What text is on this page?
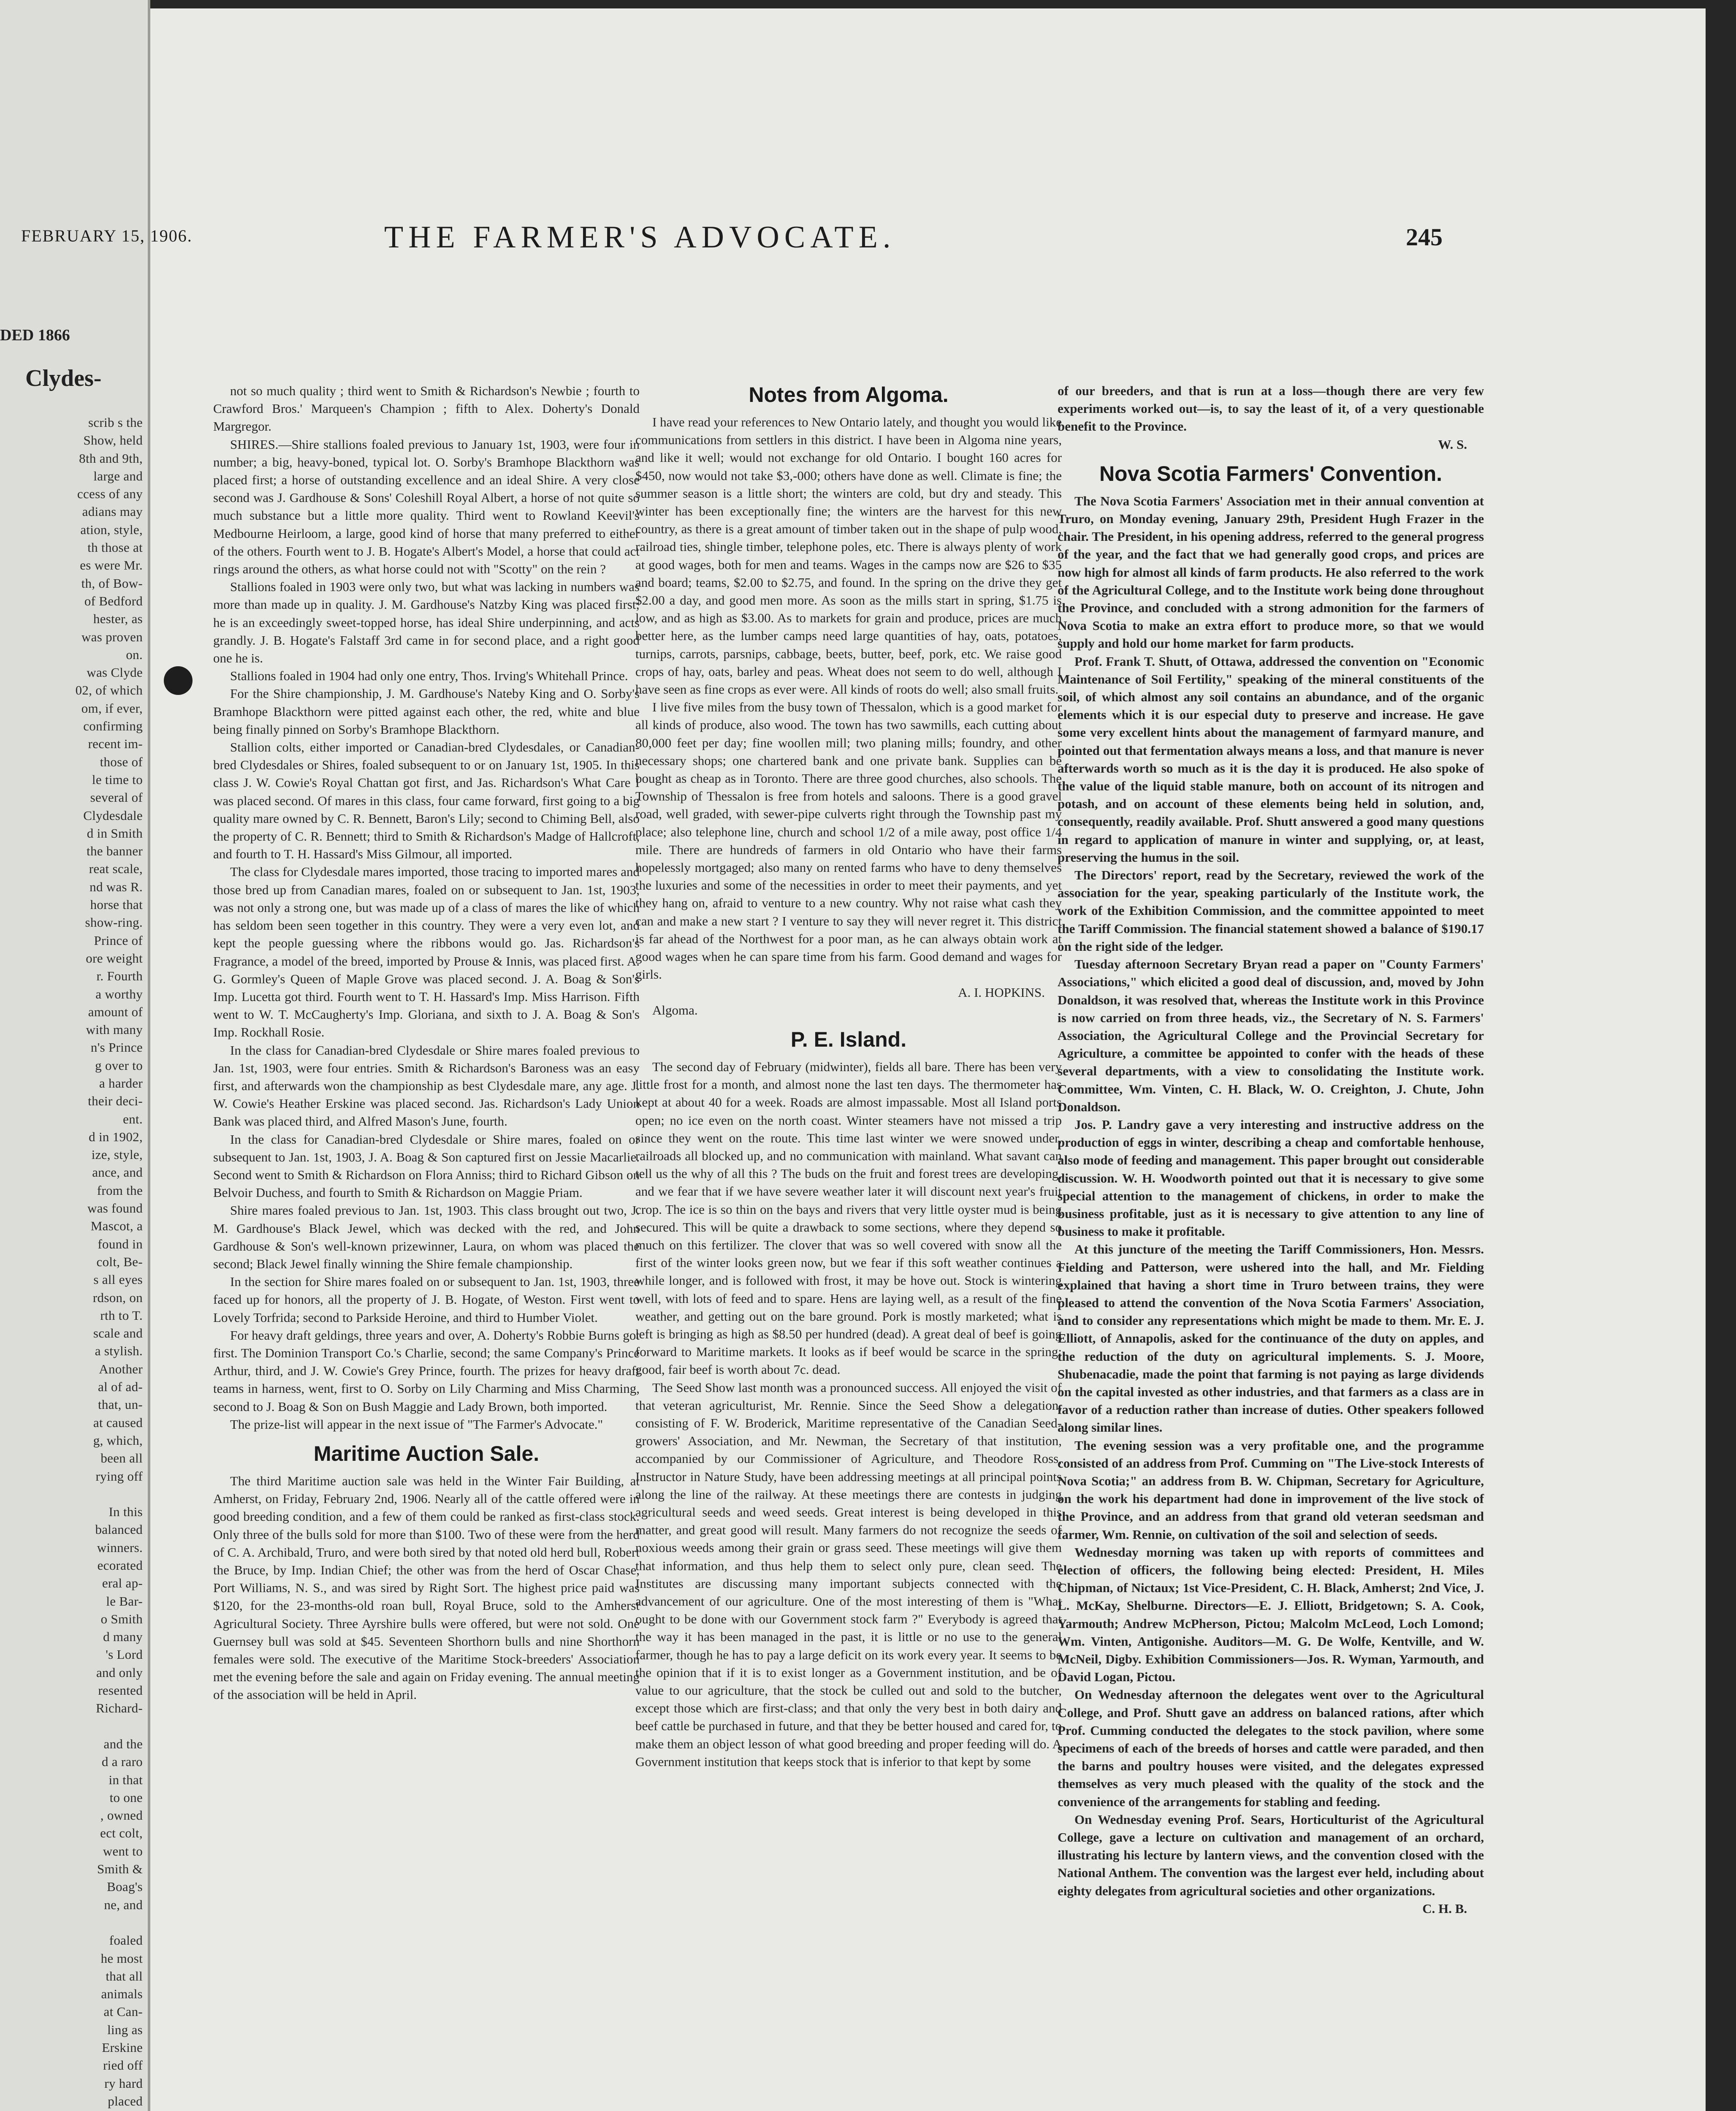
DED 1866
Clydes-
scrib s the
Show, held
8th and 9th,
large and
ccess of any
adians may
ation, style,
th those at
es were Mr.
th, of Bow-
of Bedford
hester, as
was proven
on.
was Clyde
02, of which
om, if ever,
confirming
recent im-
those of
le time to
several of
Clydesdale
d in Smith
the banner
reat scale,
nd was R.
horse that
show-ring.
Prince of
ore weight
r. Fourth
a worthy
amount of
with many
n's Prince
g over to
a harder
their deci-
ent.
d in 1902,
ize, style,
ance, and
from the
was found
Mascot, a
found in
colt, Be-
s all eyes
rdson, on
rth to T.
scale and
a stylish.
Another
al of ad-
that, un-
at caused
g, which,
been all
rying off

In this
balanced
winners.
ecorated
eral ap-
le Bar-
o Smith
d many
's Lord
and only
resented
Richard-

and the
d a raro
in that
to one
, owned
ect colt,
went to
Smith &
Boag's
ne, and

foaled
he most
that all
animals
at Can-
ling as
Erskine
ried off
ry hard
placed

FEBRUARY 15, 1906.	THE FARMER'S ADVOCATE.	245

not so much quality ; third went to Smith & Richardson's Newbie ; fourth to Crawford Bros.' Marqueen's Champion ; fifth to Alex. Doherty's Donald Margregor.

SHIRES.—Shire stallions foaled previous to January 1st, 1903, were four in number; a big, heavy-boned, typical lot. O. Sorby's Bramhope Blackthorn was placed first; a horse of outstanding excellence and an ideal Shire. A very close second was J. Gardhouse & Sons' Coleshill Royal Albert, a horse of not quite so much substance but a little more quality. Third went to Rowland Keevil's Medbourne Heirloom, a large, good kind of horse that many preferred to either of the others. Fourth went to J. B. Hogate's Albert's Model, a horse that could act rings around the others, as what horse could not with "Scotty" on the rein ?

Stallions foaled in 1903 were only two, but what was lacking in numbers was more than made up in quality. J. M. Gardhouse's Natzby King was placed first; he is an exceedingly sweet-topped horse, has ideal Shire underpinning, and acts grandly. J. B. Hogate's Falstaff 3rd came in for second place, and a right good one he is.

Stallions foaled in 1904 had only one entry, Thos. Irving's Whitehall Prince.

For the Shire championship, J. M. Gardhouse's Nateby King and O. Sorby's Bramhope Blackthorn were pitted against each other, the red, white and blue being finally pinned on Sorby's Bramhope Blackthorn.

Stallion colts, either imported or Canadian-bred Clydesdales, or Canadian-bred Clydesdales or Shires, foaled subsequent to or on January 1st, 1905. In this class J. W. Cowie's Royal Chattan got first, and Jas. Richardson's What Care I was placed second. Of mares in this class, four came forward, first going to a big quality mare owned by C. R. Bennett, Baron's Lily; second to Chiming Bell, also the property of C. R. Bennett; third to Smith & Richardson's Madge of Hallcroft, and fourth to T. H. Hassard's Miss Gilmour, all imported.

The class for Clydesdale mares imported, those tracing to imported mares and those bred up from Canadian mares, foaled on or subsequent to Jan. 1st, 1903, was not only a strong one, but was made up of a class of mares the like of which has seldom been seen together in this country. They were a very even lot, and kept the people guessing where the ribbons would go. Jas. Richardson's Fragrance, a model of the breed, imported by Prouse & Innis, was placed first. A. G. Gormley's Queen of Maple Grove was placed second. J. A. Boag & Son's Imp. Lucetta got third. Fourth went to T. H. Hassard's Imp. Miss Harrison. Fifth went to W. T. McCaugherty's Imp. Gloriana, and sixth to J. A. Boag & Son's Imp. Rockhall Rosie.

In the class for Canadian-bred Clydesdale or Shire mares foaled previous to Jan. 1st, 1903, were four entries. Smith & Richardson's Baroness was an easy first, and afterwards won the championship as best Clydesdale mare, any age. J. W. Cowie's Heather Erskine was placed second. Jas. Richardson's Lady Union Bank was placed third, and Alfred Mason's June, fourth.

In the class for Canadian-bred Clydesdale or Shire mares, foaled on or subsequent to Jan. 1st, 1903, J. A. Boag & Son captured first on Jessie Macarlie. Second went to Smith & Richardson on Flora Anniss; third to Richard Gibson on Belvoir Duchess, and fourth to Smith & Richardson on Maggie Priam.

Shire mares foaled previous to Jan. 1st, 1903. This class brought out two, J. M. Gardhouse's Black Jewel, which was decked with the red, and John Gardhouse & Son's well-known prizewinner, Laura, on whom was placed the second; Black Jewel finally winning the Shire female championship.

In the section for Shire mares foaled on or subsequent to Jan. 1st, 1903, three faced up for honors, all the property of J. B. Hogate, of Weston. First went to Lovely Torfrida; second to Parkside Heroine, and third to Humber Violet.

For heavy draft geldings, three years and over, A. Doherty's Robbie Burns got first. The Dominion Transport Co.'s Charlie, second; the same Company's Prince Arthur, third, and J. W. Cowie's Grey Prince, fourth. The prizes for heavy draft teams in harness, went, first to O. Sorby on Lily Charming and Miss Charming, second to J. Boag & Son on Bush Maggie and Lady Brown, both imported.

The prize-list will appear in the next issue of "The Farmer's Advocate."

Maritime Auction Sale.

The third Maritime auction sale was held in the Winter Fair Building, at Amherst, on Friday, February 2nd, 1906. Nearly all of the cattle offered were in good breeding condition, and a few of them could be ranked as first-class stock. Only three of the bulls sold for more than $100. Two of these were from the herd of C. A. Archibald, Truro, and were both sired by that noted old herd bull, Robert the Bruce, by Imp. Indian Chief; the other was from the herd of Oscar Chase, Port Williams, N. S., and was sired by Right Sort. The highest price paid was $120, for the 23-months-old roan bull, Royal Bruce, sold to the Amherst Agricultural Society. Three Ayrshire bulls were offered, but were not sold. One Guernsey bull was sold at $45. Seventeen Shorthorn bulls and nine Shorthorn females were sold. The executive of the Maritime Stock-breeders' Association met the evening before the sale and again on Friday evening. The annual meeting of the association will be held in April.

Notes from Algoma.

I have read your references to New Ontario lately, and thought you would like communications from settlers in this district. I have been in Algoma nine years, and like it well; would not exchange for old Ontario. I bought 160 acres for $450, now would not take $3,-000; others have done as well. Climate is fine; the summer season is a little short; the winters are cold, but dry and steady. This winter has been exceptionally fine; the winters are the harvest for this new country, as there is a great amount of timber taken out in the shape of pulp wood, railroad ties, shingle timber, telephone poles, etc. There is always plenty of work at good wages, both for men and teams. Wages in the camps now are $26 to $35 and board; teams, $2.00 to $2.75, and found. In the spring on the drive they get $2.00 a day, and good men more. As soon as the mills start in spring, $1.75 is low, and as high as $3.00. As to markets for grain and produce, prices are much better here, as the lumber camps need large quantities of hay, oats, potatoes, turnips, carrots, parsnips, cabbage, beets, butter, beef, pork, etc. We raise good crops of hay, oats, barley and peas. Wheat does not seem to do well, although I have seen as fine crops as ever were. All kinds of roots do well; also small fruits.

I live five miles from the busy town of Thessalon, which is a good market for all kinds of produce, also wood. The town has two sawmills, each cutting about 80,000 feet per day; fine woollen mill; two planing mills; foundry, and other necessary shops; one chartered bank and one private bank. Supplies can be bought as cheap as in Toronto. There are three good churches, also schools. The Township of Thessalon is free from hotels and saloons. There is a good gravel road, well graded, with sewer-pipe culverts right through the Township past my place; also telephone line, church and school 1/2 of a mile away, post office 1/4 mile. There are hundreds of farmers in old Ontario who have their farms hopelessly mortgaged; also many on rented farms who have to deny themselves the luxuries and some of the necessities in order to meet their payments, and yet they hang on, afraid to venture to a new country. Why not raise what cash they can and make a new start ? I venture to say they will never regret it. This district is far ahead of the Northwest for a poor man, as he can always obtain work at good wages when he can spare time from his farm. Good demand and wages for girls.

A. I. HOPKINS.

Algoma.

P. E. Island.

The second day of February (midwinter), fields all bare. There has been very little frost for a month, and almost none the last ten days. The thermometer has kept at about 40 for a week. Roads are almost impassable. Most all Island ports open; no ice even on the north coast. Winter steamers have not missed a trip since they went on the route. This time last winter we were snowed under, railroads all blocked up, and no communication with mainland. What savant can tell us the why of all this ? The buds on the fruit and forest trees are developing, and we fear that if we have severe weather later it will discount next year's fruit crop. The ice is so thin on the bays and rivers that very little oyster mud is being secured. This will be quite a drawback to some sections, where they depend so much on this fertilizer. The clover that was so well covered with snow all the first of the winter looks green now, but we fear if this soft weather continues a while longer, and is followed with frost, it may be hove out. Stock is wintering well, with lots of feed and to spare. Hens are laying well, as a result of the fine weather, and getting out on the bare ground. Pork is mostly marketed; what is left is bringing as high as $8.50 per hundred (dead). A great deal of beef is going forward to Maritime markets. It looks as if beef would be scarce in the spring; good, fair beef is worth about 7c. dead.

The Seed Show last month was a pronounced success. All enjoyed the visit of that veteran agriculturist, Mr. Rennie. Since the Seed Show a delegation, consisting of F. W. Broderick, Maritime representative of the Canadian Seed-growers' Association, and Mr. Newman, the Secretary of that institution, accompanied by our Commissioner of Agriculture, and Theodore Ross, Instructor in Nature Study, have been addressing meetings at all principal points along the line of the railway. At these meetings there are contests in judging agricultural seeds and weed seeds. Great interest is being developed in this matter, and great good will result. Many farmers do not recognize the seeds of noxious weeds among their grain or grass seed. These meetings will give them that information, and thus help them to select only pure, clean seed. The Institutes are discussing many important subjects connected with the advancement of our agriculture. One of the most interesting of them is "What ought to be done with our Government stock farm ?" Everybody is agreed that the way it has been managed in the past, it is little or no use to the general farmer, though he has to pay a large deficit on its work every year. It seems to be the opinion that if it is to exist longer as a Government institution, and be of value to our agriculture, that the stock be culled out and sold to the butcher, except those which are first-class; and that only the very best in both dairy and beef cattle be purchased in future, and that they be better housed and cared for, to make them an object lesson of what good breeding and proper feeding will do. A Government institution that keeps stock that is inferior to that kept by some

of our breeders, and that is run at a loss—though there are very few experiments worked out—is, to say the least of it, of a very questionable benefit to the Province.

W. S.

Nova Scotia Farmers' Convention.

The Nova Scotia Farmers' Association met in their annual convention at Truro, on Monday evening, January 29th, President Hugh Frazer in the chair. The President, in his opening address, referred to the general progress of the year, and the fact that we had generally good crops, and prices are now high for almost all kinds of farm products. He also referred to the work of the Agricultural College, and to the Institute work being done throughout the Province, and concluded with a strong admonition for the farmers of Nova Scotia to make an extra effort to produce more, so that we would supply and hold our home market for farm products.

Prof. Frank T. Shutt, of Ottawa, addressed the convention on "Economic Maintenance of Soil Fertility," speaking of the mineral constituents of the soil, of which almost any soil contains an abundance, and of the organic elements which it is our especial duty to preserve and increase. He gave some very excellent hints about the management of farmyard manure, and pointed out that fermentation always means a loss, and that manure is never afterwards worth so much as it is the day it is produced. He also spoke of the value of the liquid stable manure, both on account of its nitrogen and potash, and on account of these elements being held in solution, and, consequently, readily available. Prof. Shutt answered a good many questions in regard to application of manure in winter and supplying, or, at least, preserving the humus in the soil.

The Directors' report, read by the Secretary, reviewed the work of the association for the year, speaking particularly of the Institute work, the work of the Exhibition Commission, and the committee appointed to meet the Tariff Commission. The financial statement showed a balance of $190.17 on the right side of the ledger.

Tuesday afternoon Secretary Bryan read a paper on "County Farmers' Associations," which elicited a good deal of discussion, and, moved by John Donaldson, it was resolved that, whereas the Institute work in this Province is now carried on from three heads, viz., the Secretary of N. S. Farmers' Association, the Agricultural College and the Provincial Secretary for Agriculture, a committee be appointed to confer with the heads of these several departments, with a view to consolidating the Institute work. Committee, Wm. Vinten, C. H. Black, W. O. Creighton, J. Chute, John Donaldson.

Jos. P. Landry gave a very interesting and instructive address on the production of eggs in winter, describing a cheap and comfortable henhouse, also mode of feeding and management. This paper brought out considerable discussion. W. H. Woodworth pointed out that it is necessary to give some special attention to the management of chickens, in order to make the business profitable, just as it is necessary to give attention to any line of business to make it profitable.

At this juncture of the meeting the Tariff Commissioners, Hon. Messrs. Fielding and Patterson, were ushered into the hall, and Mr. Fielding explained that having a short time in Truro between trains, they were pleased to attend the convention of the Nova Scotia Farmers' Association, and to consider any representations which might be made to them. Mr. E. J. Elliott, of Annapolis, asked for the continuance of the duty on apples, and the reduction of the duty on agricultural implements. S. J. Moore, Shubenacadie, made the point that farming is not paying as large dividends on the capital invested as other industries, and that farmers as a class are in favor of a reduction rather than increase of duties. Other speakers followed along similar lines.

The evening session was a very profitable one, and the programme consisted of an address from Prof. Cumming on "The Live-stock Interests of Nova Scotia;" an address from B. W. Chipman, Secretary for Agriculture, on the work his department had done in improvement of the live stock of the Province, and an address from that grand old veteran seedsman and farmer, Wm. Rennie, on cultivation of the soil and selection of seeds.

Wednesday morning was taken up with reports of committees and election of officers, the following being elected: President, H. Miles Chipman, of Nictaux; 1st Vice-President, C. H. Black, Amherst; 2nd Vice, J. L. McKay, Shelburne. Directors—E. J. Elliott, Bridgetown; S. A. Cook, Yarmouth; Andrew McPherson, Pictou; Malcolm McLeod, Loch Lomond; Wm. Vinten, Antigonishe. Auditors—M. G. De Wolfe, Kentville, and W. McNeil, Digby. Exhibition Commissioners—Jos. R. Wyman, Yarmouth, and David Logan, Pictou.

On Wednesday afternoon the delegates went over to the Agricultural College, and Prof. Shutt gave an address on balanced rations, after which Prof. Cumming conducted the delegates to the stock pavilion, where some specimens of each of the breeds of horses and cattle were paraded, and then the barns and poultry houses were visited, and the delegates expressed themselves as very much pleased with the quality of the stock and the convenience of the arrangements for stabling and feeding.

On Wednesday evening Prof. Sears, Horticulturist of the Agricultural College, gave a lecture on cultivation and management of an orchard, illustrating his lecture by lantern views, and the convention closed with the National Anthem. The convention was the largest ever held, including about eighty delegates from agricultural societies and other organizations.

C. H. B.
